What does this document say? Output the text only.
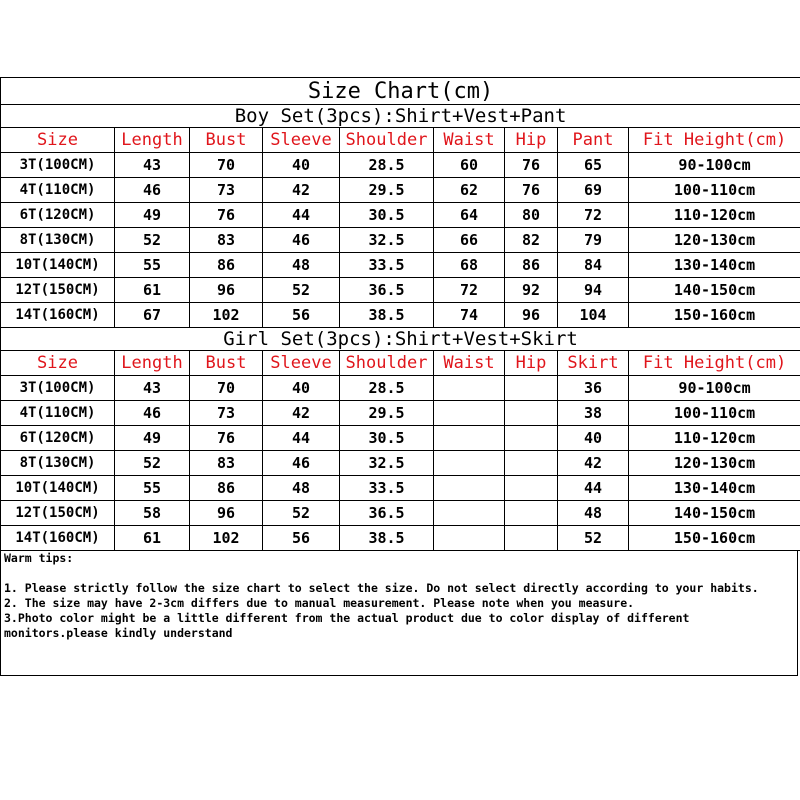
Size Chart(cm)								
Boy Set(3pcs):Shirt+Vest+Pant								
Size	Length	Bust	Sleeve	Shoulder	Waist	Hip	Pant	Fit Height(cm)
3T(100CM)	43	70	40	28.5	60	76	65	90-100cm
4T(110CM)	46	73	42	29.5	62	76	69	100-110cm
6T(120CM)	49	76	44	30.5	64	80	72	110-120cm
8T(130CM)	52	83	46	32.5	66	82	79	120-130cm
10T(140CM)	55	86	48	33.5	68	86	84	130-140cm
12T(150CM)	61	96	52	36.5	72	92	94	140-150cm
14T(160CM)	67	102	56	38.5	74	96	104	150-160cm
Girl Set(3pcs):Shirt+Vest+Skirt								
Size	Length	Bust	Sleeve	Shoulder	Waist	Hip	Skirt	Fit Height(cm)
3T(100CM)	43	70	40	28.5			36	90-100cm
4T(110CM)	46	73	42	29.5			38	100-110cm
6T(120CM)	49	76	44	30.5			40	110-120cm
8T(130CM)	52	83	46	32.5			42	120-130cm
10T(140CM)	55	86	48	33.5			44	130-140cm
12T(150CM)	58	96	52	36.5			48	140-150cm
14T(160CM)	61	102	56	38.5			52	150-160cm

Warm tips:

1. Please strictly follow the size chart to select the size. Do not select directly according to your habits.

2. The size may have 2-3cm differs due to manual measurement. Please note when you measure.

3.Photo color might be a little different from the actual product due to color display of different monitors.please kindly understand
